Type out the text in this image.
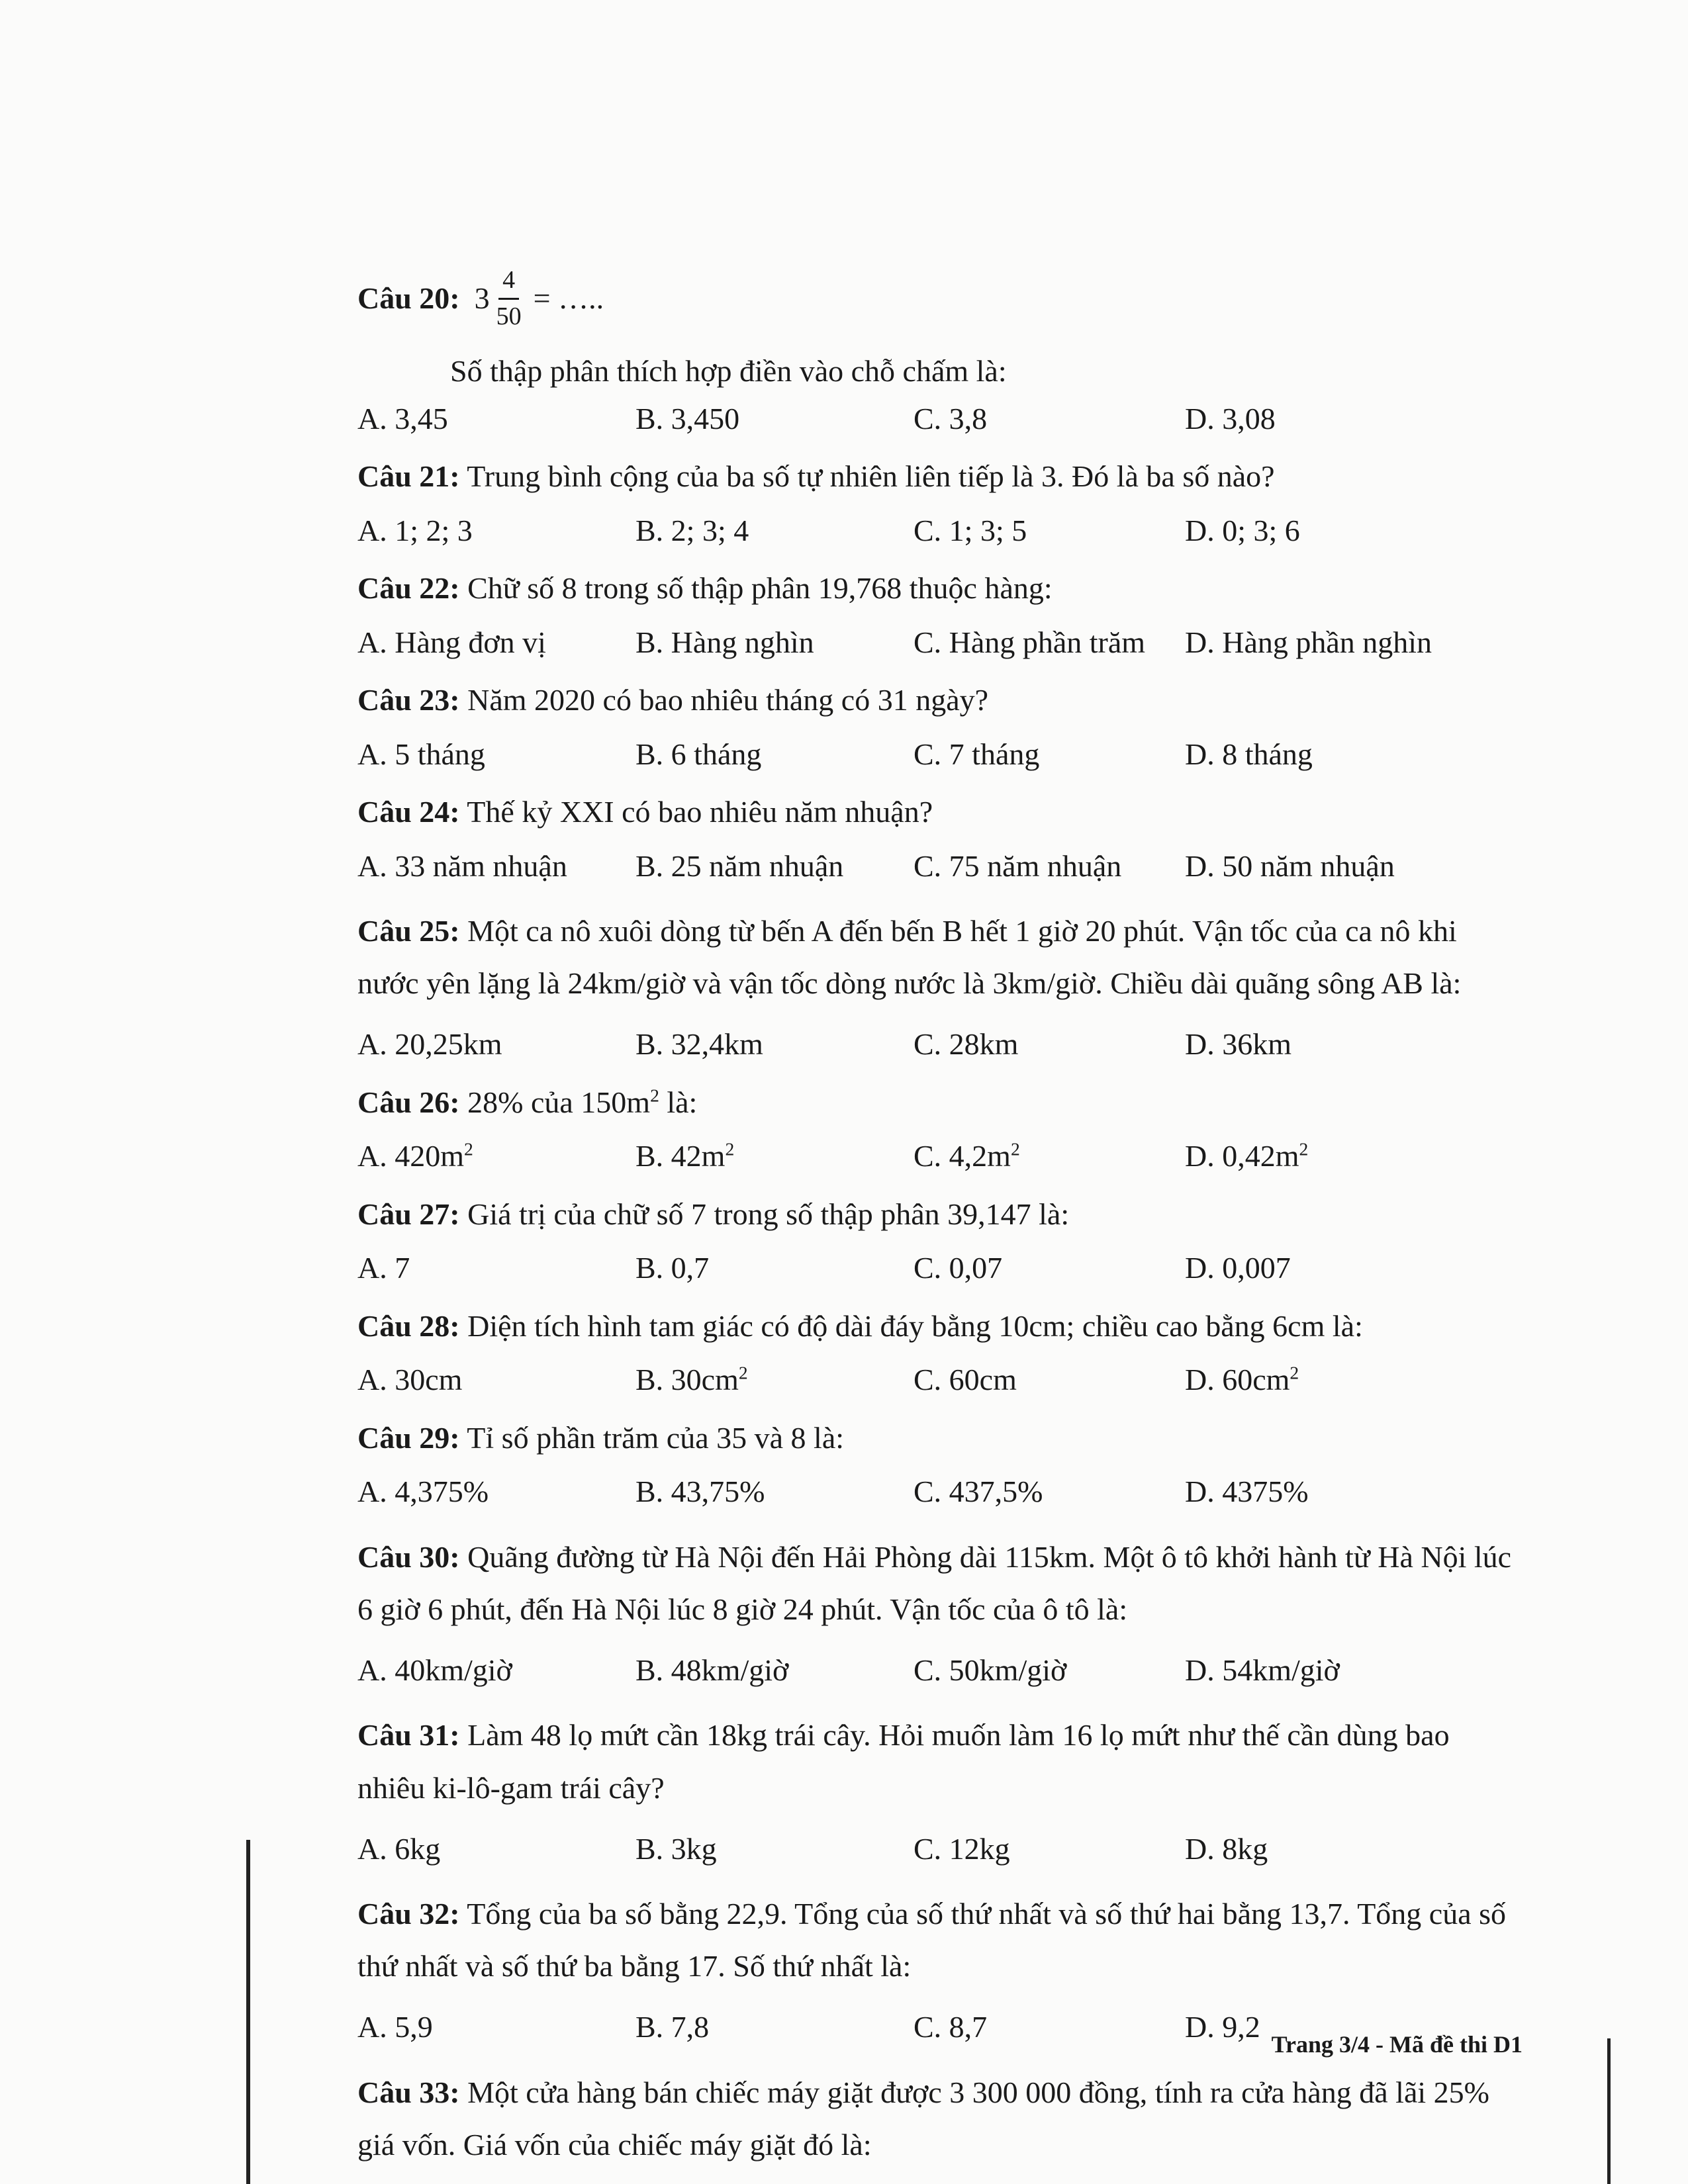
Câu 20: $3 \frac{4}{50}$ = …..
Số thập phân thích hợp điền vào chỗ chấm là:
A. 3,45	B. 3,450	C. 3,8	D. 3,08
Câu 21: Trung bình cộng của ba số tự nhiên liên tiếp là 3. Đó là ba số nào?
A. 1; 2; 3	B. 2; 3; 4	C. 1; 3; 5	D. 0; 3; 6
Câu 22: Chữ số 8 trong số thập phân 19,768 thuộc hàng:
A. Hàng đơn vị	B. Hàng nghìn	C. Hàng phần trăm	D. Hàng phần nghìn
Câu 23: Năm 2020 có bao nhiêu tháng có 31 ngày?
A. 5 tháng	B. 6 tháng	C. 7 tháng	D. 8 tháng
Câu 24: Thế kỷ XXI có bao nhiêu năm nhuận?
A. 33 năm nhuận	B. 25 năm nhuận	C. 75 năm nhuận	D. 50 năm nhuận
Câu 25: Một ca nô xuôi dòng từ bến A đến bến B hết 1 giờ 20 phút. Vận tốc của ca nô khi nước yên lặng là 24km/giờ và vận tốc dòng nước là 3km/giờ. Chiều dài quãng sông AB là:
A. 20,25km	B. 32,4km	C. 28km	D. 36km
Câu 26: 28% của $150m^2$ là:
A. $420m^2$	B. $42m^2$	C. $4,2m^2$	D. $0,42m^2$
Câu 27: Giá trị của chữ số 7 trong số thập phân 39,147 là:
A. 7	B. 0,7	C. 0,07	D. 0,007
Câu 28: Diện tích hình tam giác có độ dài đáy bằng 10cm; chiều cao bằng 6cm là:
A. 30cm	B. $30cm^2$	C. 60cm	D. $60cm^2$
Câu 29: Tỉ số phần trăm của 35 và 8 là:
A. 4,375%	B. 43,75%	C. 437,5%	D. 4375%
Câu 30: Quãng đường từ Hà Nội đến Hải Phòng dài 115km. Một ô tô khởi hành từ Hà Nội lúc 6 giờ 6 phút, đến Hà Nội lúc 8 giờ 24 phút. Vận tốc của ô tô là:
A. 40km/giờ	B. 48km/giờ	C. 50km/giờ	D. 54km/giờ
Câu 31: Làm 48 lọ mứt cần 18kg trái cây. Hỏi muốn làm 16 lọ mứt như thế cần dùng bao nhiêu ki-lô-gam trái cây?
A. 6kg	B. 3kg	C. 12kg	D. 8kg
Câu 32: Tổng của ba số bằng 22,9. Tổng của số thứ nhất và số thứ hai bằng 13,7. Tổng của số thứ nhất và số thứ ba bằng 17. Số thứ nhất là:
A. 5,9	B. 7,8	C. 8,7	D. 9,2
Câu 33: Một cửa hàng bán chiếc máy giặt được 3 300 000 đồng, tính ra cửa hàng đã lãi 25% giá vốn. Giá vốn của chiếc máy giặt đó là:
Trang 3/4 - Mã đề thi D1
